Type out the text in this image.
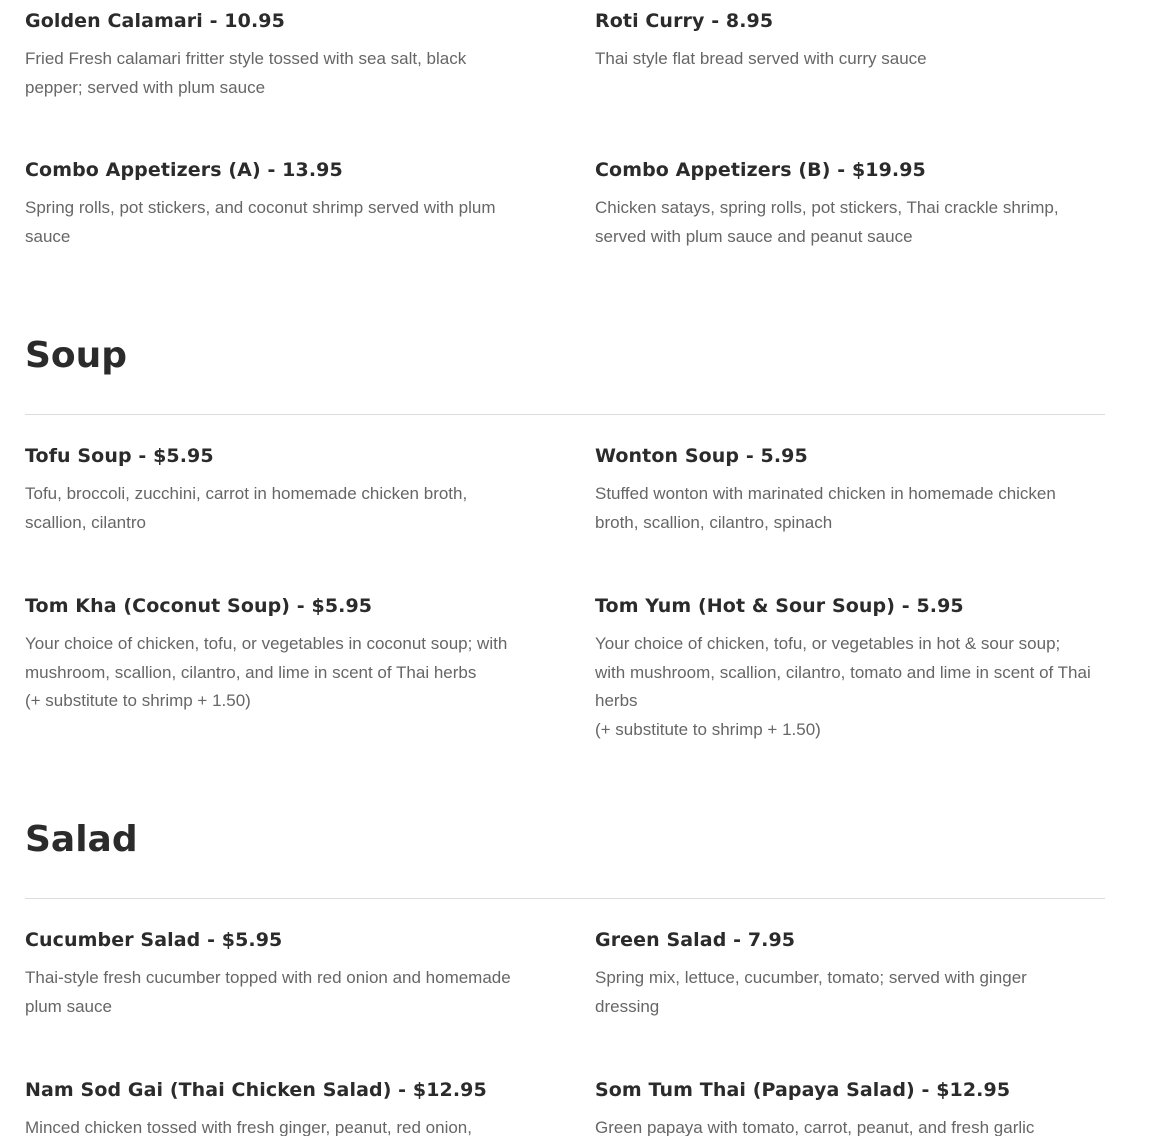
Golden Calamari - 10.95

Fried Fresh calamari fritter style tossed with sea salt, black
pepper; served with plum sauce

Roti Curry - 8.95

Thai style flat bread served with curry sauce

Combo Appetizers (A) - 13.95

Spring rolls, pot stickers, and coconut shrimp served with plum
sauce

Combo Appetizers (B) - $19.95

Chicken satays, spring rolls, pot stickers, Thai crackle shrimp,
served with plum sauce and peanut sauce

Soup
Tofu Soup - $5.95

Tofu, broccoli, zucchini, carrot in homemade chicken broth,
scallion, cilantro

Wonton Soup - 5.95

Stuffed wonton with marinated chicken in homemade chicken
broth, scallion, cilantro, spinach

Tom Kha (Coconut Soup) - $5.95

Your choice of chicken, tofu, or vegetables in coconut soup; with
mushroom, scallion, cilantro, and lime in scent of Thai herbs
(+ substitute to shrimp + 1.50)

Tom Yum (Hot & Sour Soup) - 5.95

Your choice of chicken, tofu, or vegetables in hot & sour soup;
with mushroom, scallion, cilantro, tomato and lime in scent of Thai
herbs
(+ substitute to shrimp + 1.50)

Salad
Cucumber Salad - $5.95

Thai-style fresh cucumber topped with red onion and homemade
plum sauce

Green Salad - 7.95

Spring mix, lettuce, cucumber, tomato; served with ginger
dressing

Nam Sod Gai (Thai Chicken Salad) - $12.95

Minced chicken tossed with fresh ginger, peanut, red onion,

Som Tum Thai (Papaya Salad) - $12.95

Green papaya with tomato, carrot, peanut, and fresh garlic
